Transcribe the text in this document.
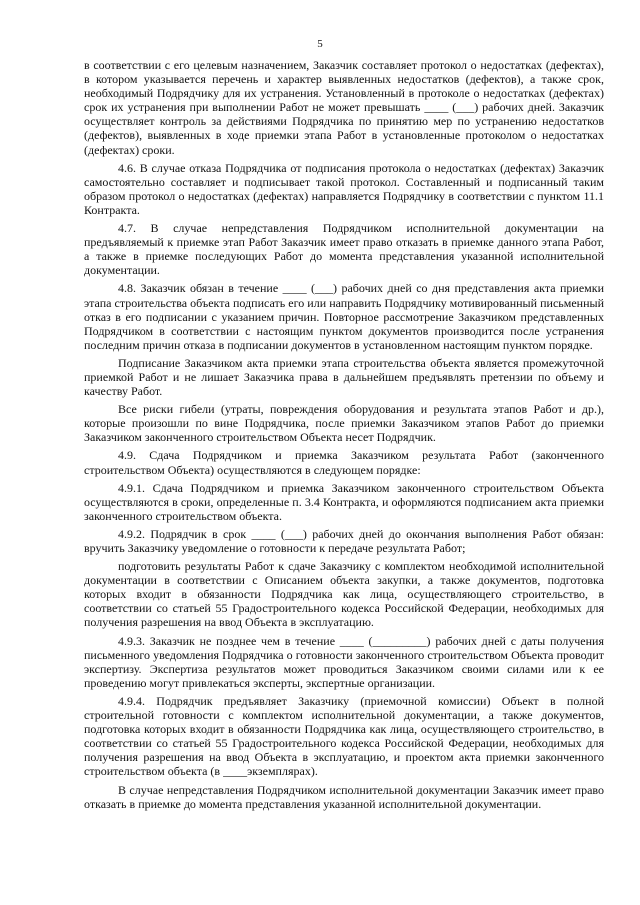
5

в соответствии с его целевым назначением, Заказчик составляет протокол о недостатках (дефектах), в котором указывается перечень и характер выявленных недостатков (дефектов), а также срок, необходимый Подрядчику для их устранения. Установленный в протоколе о недостатках (дефектах) срок их устранения при выполнении Работ не может превышать ____ (___) рабочих дней. Заказчик осуществляет контроль за действиями Подрядчика по принятию мер по устранению недостатков (дефектов), выявленных в ходе приемки этапа Работ в установленные протоколом о недостатках (дефектах) сроки.

4.6. В случае отказа Подрядчика от подписания протокола о недостатках (дефектах) Заказчик самостоятельно составляет и подписывает такой протокол. Составленный и подписанный таким образом протокол о недостатках (дефектах) направляется Подрядчику в соответствии с пунктом 11.1 Контракта.

4.7. В случае непредставления Подрядчиком исполнительной документации на предъявляемый к приемке этап Работ Заказчик имеет право отказать в приемке данного этапа Работ, а также в приемке последующих Работ до момента представления указанной исполнительной документации.

4.8. Заказчик обязан в течение ____ (___) рабочих дней со дня представления акта приемки этапа строительства объекта подписать его или направить Подрядчику мотивированный письменный отказ в его подписании с указанием причин. Повторное рассмотрение Заказчиком представленных Подрядчиком в соответствии с настоящим пунктом документов производится после устранения последним причин отказа в подписании документов в установленном настоящим пунктом порядке.

Подписание Заказчиком акта приемки этапа строительства объекта является промежуточной приемкой Работ и не лишает Заказчика права в дальнейшем предъявлять претензии по объему и качеству Работ.

Все риски гибели (утраты, повреждения оборудования и результата этапов Работ и др.), которые произошли по вине Подрядчика, после приемки Заказчиком этапов Работ до приемки Заказчиком законченного строительством Объекта несет Подрядчик.

4.9. Сдача Подрядчиком и приемка Заказчиком результата Работ (законченного строительством Объекта) осуществляются в следующем порядке:

4.9.1. Сдача Подрядчиком и приемка Заказчиком законченного строительством Объекта осуществляются в сроки, определенные п. 3.4 Контракта, и оформляются подписанием акта приемки законченного строительством объекта.

4.9.2. Подрядчик в срок ____ (___) рабочих дней до окончания выполнения Работ обязан: вручить Заказчику уведомление о готовности к передаче результата Работ;

подготовить результаты Работ к сдаче Заказчику с комплектом необходимой исполнительной документации в соответствии с Описанием объекта закупки, а также документов, подготовка которых входит в обязанности Подрядчика как лица, осуществляющего строительство, в соответствии со статьей 55 Градостроительного кодекса Российской Федерации, необходимых для получения разрешения на ввод Объекта в эксплуатацию.

4.9.3. Заказчик не позднее чем в течение ____ (_________) рабочих дней с даты получения письменного уведомления Подрядчика о готовности законченного строительством Объекта проводит экспертизу. Экспертиза результатов может проводиться Заказчиком своими силами или к ее проведению могут привлекаться эксперты, экспертные организации.

4.9.4. Подрядчик предъявляет Заказчику (приемочной комиссии) Объект в полной строительной готовности с комплектом исполнительной документации, а также документов, подготовка которых входит в обязанности Подрядчика как лица, осуществляющего строительство, в соответствии со статьей 55 Градостроительного кодекса Российской Федерации, необходимых для получения разрешения на ввод Объекта в эксплуатацию, и проектом акта приемки законченного строительством объекта (в ____экземплярах).

В случае непредставления Подрядчиком исполнительной документации Заказчик имеет право отказать в приемке до момента представления указанной исполнительной документации.
